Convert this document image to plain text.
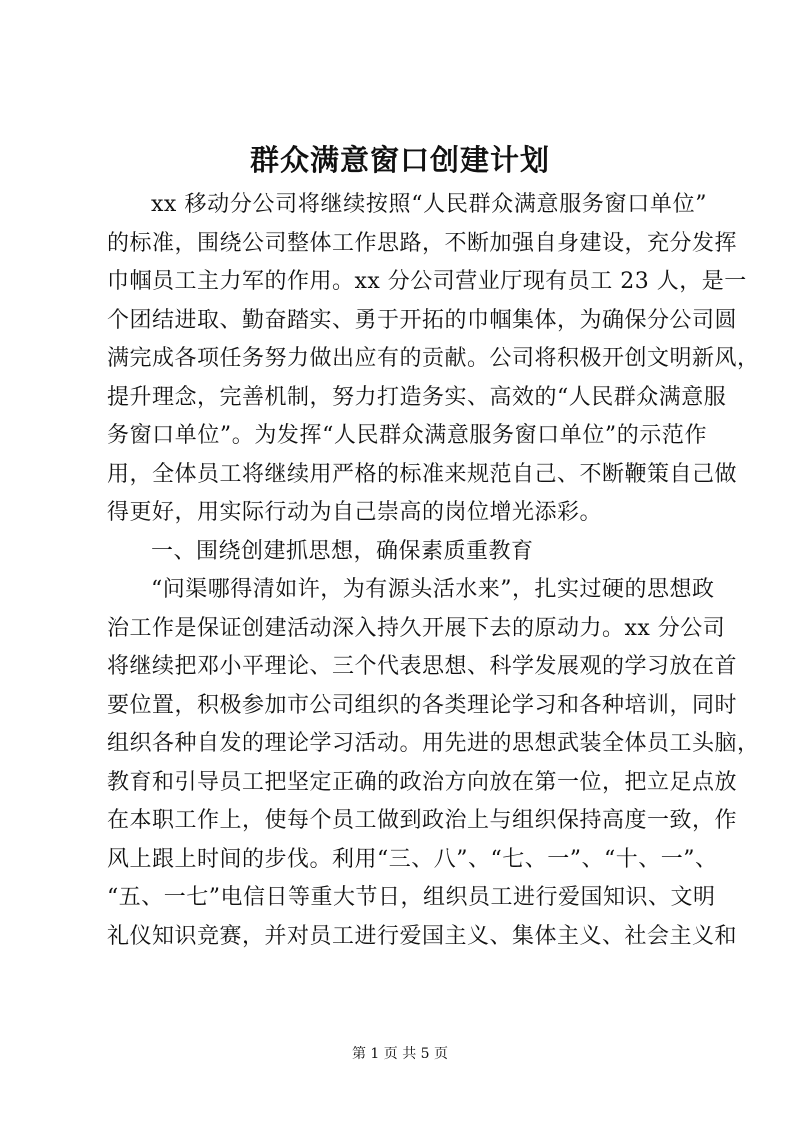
群众满意窗口创建计划
xx 移动分公司将继续按照“人民群众满意服务窗口单位”
的标准，围绕公司整体工作思路，不断加强自身建设，充分发挥
巾帼员工主力军的作用。xx 分公司营业厅现有员工 23 人，是一
个团结进取、勤奋踏实、勇于开拓的巾帼集体，为确保分公司圆
满完成各项任务努力做出应有的贡献。公司将积极开创文明新风，
提升理念，完善机制，努力打造务实、高效的“人民群众满意服
务窗口单位”。为发挥“人民群众满意服务窗口单位”的示范作
用，全体员工将继续用严格的标准来规范自己、不断鞭策自己做
得更好，用实际行动为自己崇高的岗位增光添彩。
一、围绕创建抓思想，确保素质重教育
“问渠哪得清如许，为有源头活水来”，扎实过硬的思想政
治工作是保证创建活动深入持久开展下去的原动力。xx 分公司
将继续把邓小平理论、三个代表思想、科学发展观的学习放在首
要位置，积极参加市公司组织的各类理论学习和各种培训，同时
组织各种自发的理论学习活动。用先进的思想武装全体员工头脑，
教育和引导员工把坚定正确的政治方向放在第一位，把立足点放
在本职工作上，使每个员工做到政治上与组织保持高度一致，作
风上跟上时间的步伐。利用“三、八”、“七、一”、“十、一”、
“五、一七”电信日等重大节日，组织员工进行爱国知识、文明
礼仪知识竞赛，并对员工进行爱国主义、集体主义、社会主义和
第 1 页 共 5 页
